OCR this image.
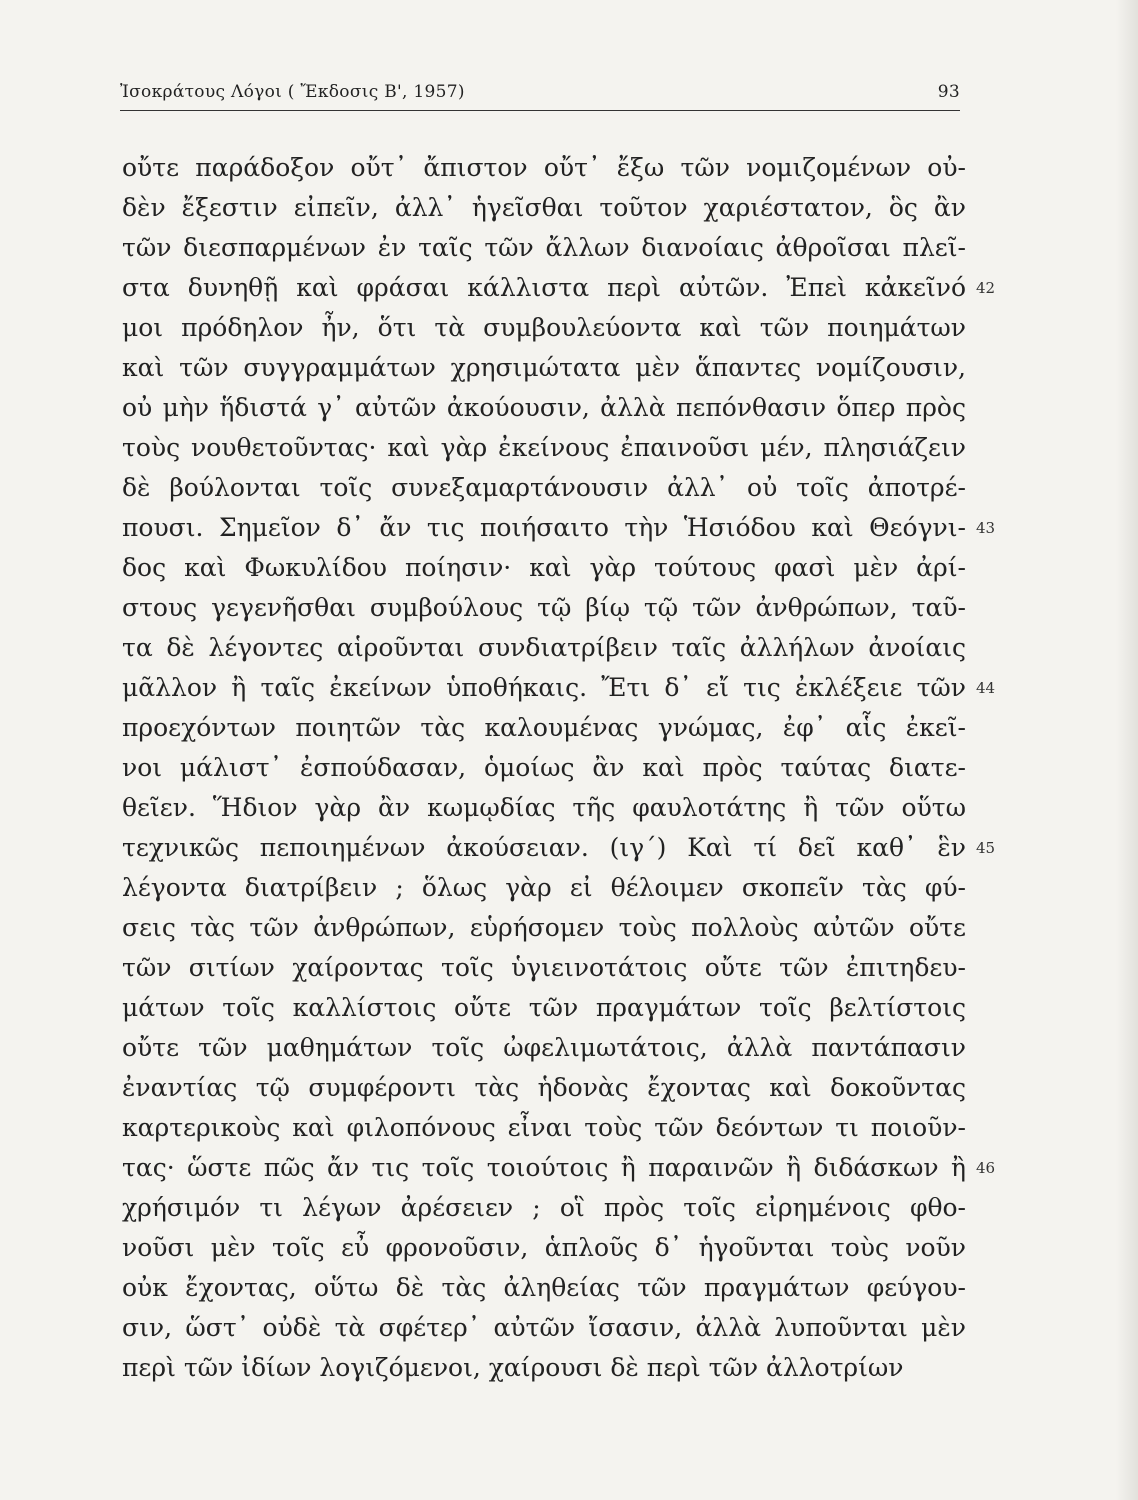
Ἰσοκράτους Λόγοι ( Ἔκδοσις Β', 1957)	93
οὔτε παράδοξον οὔτ᾽ ἄπιστον οὔτ᾽ ἔξω τῶν νομιζομένων οὐ-
δὲν ἔξεστιν εἰπεῖν, ἀλλ᾽ ἡγεῖσθαι τοῦτον χαριέστατον, ὃς ἂν
τῶν διεσπαρμένων ἐν ταῖς τῶν ἄλλων διανοίαις ἀθροῖσαι πλεῖ-
στα δυνηθῇ καὶ φράσαι κάλλιστα περὶ αὐτῶν. Ἐπεὶ κἀκεῖνό 42
μοι πρόδηλον ἦν, ὅτι τὰ συμβουλεύοντα καὶ τῶν ποιημάτων
καὶ τῶν συγγραμμάτων χρησιμώτατα μὲν ἅπαντες νομίζουσιν,
οὐ μὴν ἥδιστά γ᾽ αὐτῶν ἀκούουσιν, ἀλλὰ πεπόνθασιν ὅπερ πρὸς
τοὺς νουθετοῦντας· καὶ γὰρ ἐκείνους ἐπαινοῦσι μέν, πλησιάζειν
δὲ βούλονται τοῖς συνεξαμαρτάνουσιν ἀλλ᾽ οὐ τοῖς ἀποτρέ-
πουσι. Σημεῖον δ᾽ ἄν τις ποιήσαιτο τὴν Ἡσιόδου καὶ Θεόγνι- 43
δος καὶ Φωκυλίδου ποίησιν· καὶ γὰρ τούτους φασὶ μὲν ἀρί-
στους γεγενῆσθαι συμβούλους τῷ βίῳ τῷ τῶν ἀνθρώπων, ταῦ-
τα δὲ λέγοντες αἱροῦνται συνδιατρίβειν ταῖς ἀλλήλων ἀνοίαις
μᾶλλον ἢ ταῖς ἐκείνων ὑποθήκαις. Ἔτι δ᾽ εἴ τις ἐκλέξειε τῶν 44
προεχόντων ποιητῶν τὰς καλουμένας γνώμας, ἐφ᾽ αἷς ἐκεῖ-
νοι μάλιστ᾽ ἐσπούδασαν, ὁμοίως ἂν καὶ πρὸς ταύτας διατε-
θεῖεν. Ἥδιον γὰρ ἂν κωμῳδίας τῆς φαυλοτάτης ἢ τῶν οὕτω
τεχνικῶς πεποιημένων ἀκούσειαν. (ιγ΄) Καὶ τί δεῖ καθ᾽ ἓν 45
λέγοντα διατρίβειν ; ὅλως γὰρ εἰ θέλοιμεν σκοπεῖν τὰς φύ-
σεις τὰς τῶν ἀνθρώπων, εὑρήσομεν τοὺς πολλοὺς αὐτῶν οὔτε
τῶν σιτίων χαίροντας τοῖς ὑγιεινοτάτοις οὔτε τῶν ἐπιτηδευ-
μάτων τοῖς καλλίστοις οὔτε τῶν πραγμάτων τοῖς βελτίστοις
οὔτε τῶν μαθημάτων τοῖς ὠφελιμωτάτοις, ἀλλὰ παντάπασιν
ἐναντίας τῷ συμφέροντι τὰς ἡδονὰς ἔχοντας καὶ δοκοῦντας
καρτερικοὺς καὶ φιλοπόνους εἶναι τοὺς τῶν δεόντων τι ποιοῦν-
τας· ὥστε πῶς ἄν τις τοῖς τοιούτοις ἢ παραινῶν ἢ διδάσκων ἢ 46
χρήσιμόν τι λέγων ἀρέσειεν ; οἳ πρὸς τοῖς εἰρημένοις φθο-
νοῦσι μὲν τοῖς εὖ φρονοῦσιν, ἁπλοῦς δ᾽ ἡγοῦνται τοὺς νοῦν
οὐκ ἔχοντας, οὕτω δὲ τὰς ἀληθείας τῶν πραγμάτων φεύγου-
σιν, ὥστ᾽ οὐδὲ τὰ σφέτερ᾽ αὐτῶν ἴσασιν, ἀλλὰ λυποῦνται μὲν
περὶ τῶν ἰδίων λογιζόμενοι, χαίρουσι δὲ περὶ τῶν ἀλλοτρίων
